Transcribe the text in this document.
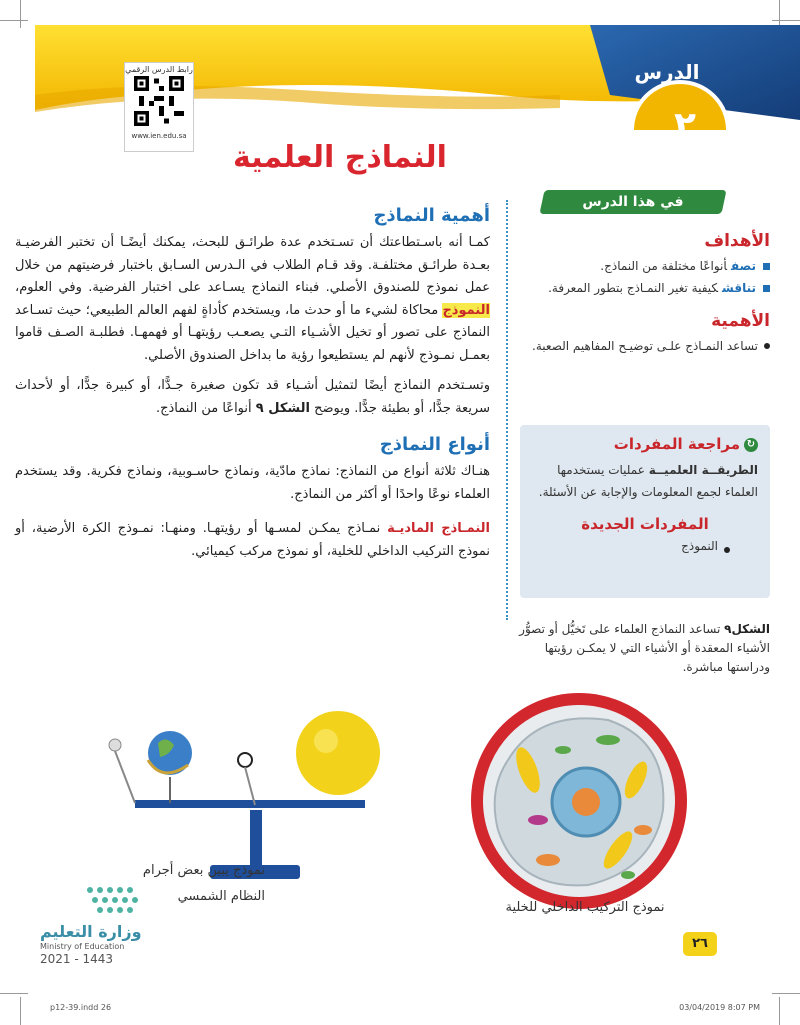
رابط الدرس الرقمي
www.ien.edu.sa
الدرس
٢
النماذج العلمية
في هذا الدرس
الأهداف
تصفأنواعًا مختلفة من النماذج.
تناقشكيفية تغير النمـاذج بتطور المعرفة.
الأهمية
تساعد النمـاذج علـى توضيـح المفاهيم الصعبة.
↻مراجعة المفردات
الطريقــة العلميــة عمليات يستخدمها العلماء لجمع المعلومات والإجابة عن الأسئلة.
المفردات الجديدة
النموذج
أهمية النماذج

كمـا أنه باسـتطاعتك أن تسـتخدم عدة طرائـق للبحث، يمكنك أيضًـا أن تختبر الفرضيـة بعـدة طرائـق مختلفـة. وقد قـام الطلاب في الـدرس السـابق باختبار فرضيتهم من خلال عمل نموذج للصندوق الأصلي. فبناء النماذج يسـاعد على اختبار الفرضية. وفي العلوم، النموذج محاكاة لشيء ما أو حدث ما، ويستخدم كأداةٍ لفهم العالم الطبيعي؛ حيث تسـاعد النماذج على تصور أو تخيل الأشـياء التـي يصعـب رؤيتهـا أو فهمهـا. فطلبـة الصـف قاموا بعمـل نمـوذج لأنهم لم يستطيعوا رؤية ما بداخل الصندوق الأصلي.

وتسـتخدم النماذج أيضًا لتمثيل أشـياء قد تكون صغيرة جـدًّا، أو كبيرة جدًّا، أو لأحداث سريعة جدًّا، أو بطيئة جدًّا. ويوضح الشكل ٩ أنواعًا من النماذج.

أنواع النماذج

هنـاك ثلاثة أنواع من النماذج: نماذج مادّية، ونماذج حاسـوبية، ونماذج فكرية. وقد يستخدم العلماء نوعًا واحدًا أو أكثر من النماذج.

النمـاذج الماديـة نمـاذج يمكـن لمسـها أو رؤيتهـا. ومنهـا: نمـوذج الكرة الأرضية، أو نموذج التركيب الداخلي للخلية، أو نموذج مركب كيميائي.

الشكل٩ تساعد النماذج العلماء على تَخيُّل أو تصوُّر الأشياء المعقدة أو الأشياء التي لا يمكـن رؤيتها ودراستها مباشرة.
نموذج يبين بعض أجرام النظام الشمسي
نموذج التركيب الداخلي للخلية
وزارة التعليم
Ministry of Education
2021 - 1443
٢٦
p12-39.indd 26	03/04/2019 8:07 PM
